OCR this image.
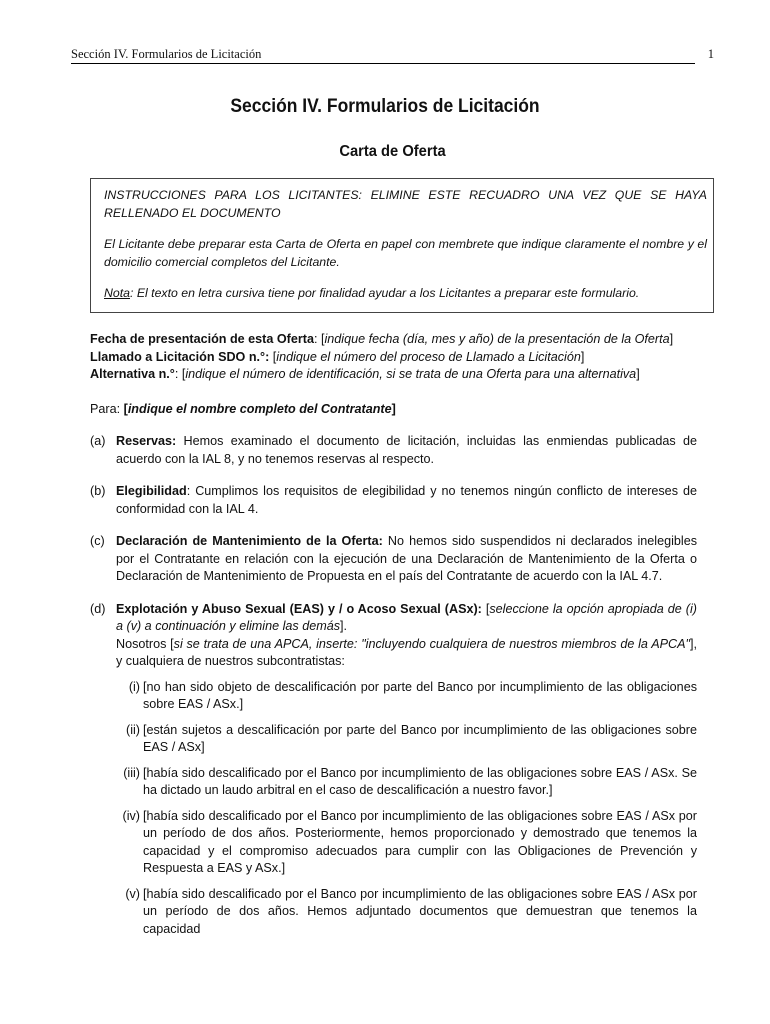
Sección IV. Formularios de Licitación	1
Sección IV. Formularios de Licitación
Carta de Oferta

INSTRUCCIONES PARA LOS LICITANTES: ELIMINE ESTE RECUADRO UNA VEZ QUE SE HAYA RELLENADO EL DOCUMENTO

El Licitante debe preparar esta Carta de Oferta en papel con membrete que indique claramente el nombre y el domicilio comercial completos del Licitante.

Nota: El texto en letra cursiva tiene por finalidad ayudar a los Licitantes a preparar este formulario.

Fecha de presentación de esta Oferta: [indique fecha (día, mes y año) de la presentación de la Oferta]

Llamado a Licitación SDO n.°: [indique el número del proceso de Llamado a Licitación]

Alternativa n.°: [indique el número de identificación, si se trata de una Oferta para una alternativa]

Para: [indique el nombre completo del Contratante]

(a) Reservas: Hemos examinado el documento de licitación, incluidas las enmiendas publicadas de acuerdo con la IAL 8, y no tenemos reservas al respecto.
(b) Elegibilidad: Cumplimos los requisitos de elegibilidad y no tenemos ningún conflicto de intereses de conformidad con la IAL 4.
(c) Declaración de Mantenimiento de la Oferta: No hemos sido suspendidos ni declarados inelegibles por el Contratante en relación con la ejecución de una Declaración de Mantenimiento de la Oferta o Declaración de Mantenimiento de Propuesta en el país del Contratante de acuerdo con la IAL 4.7.
(d) Explotación y Abuso Sexual (EAS) y / o Acoso Sexual (ASx): [seleccione la opción apropiada de (i) a (v) a continuación y elimine las demás].

Nosotros [si se trata de una APCA, inserte: "incluyendo cualquiera de nuestros miembros de la APCA"], y cualquiera de nuestros subcontratistas:

(i) [no han sido objeto de descalificación por parte del Banco por incumplimiento de las obligaciones sobre EAS / ASx.]
(ii) [están sujetos a descalificación por parte del Banco por incumplimiento de las obligaciones sobre EAS / ASx]
(iii) [había sido descalificado por el Banco por incumplimiento de las obligaciones sobre EAS / ASx. Se ha dictado un laudo arbitral en el caso de descalificación a nuestro favor.]
(iv) [había sido descalificado por el Banco por incumplimiento de las obligaciones sobre EAS / ASx por un período de dos años. Posteriormente, hemos proporcionado y demostrado que tenemos la capacidad y el compromiso adecuados para cumplir con las Obligaciones de Prevención y Respuesta a EAS y ASx.]
(v) [había sido descalificado por el Banco por incumplimiento de las obligaciones sobre EAS / ASx por un período de dos años. Hemos adjuntado documentos que demuestran que tenemos la capacidad
